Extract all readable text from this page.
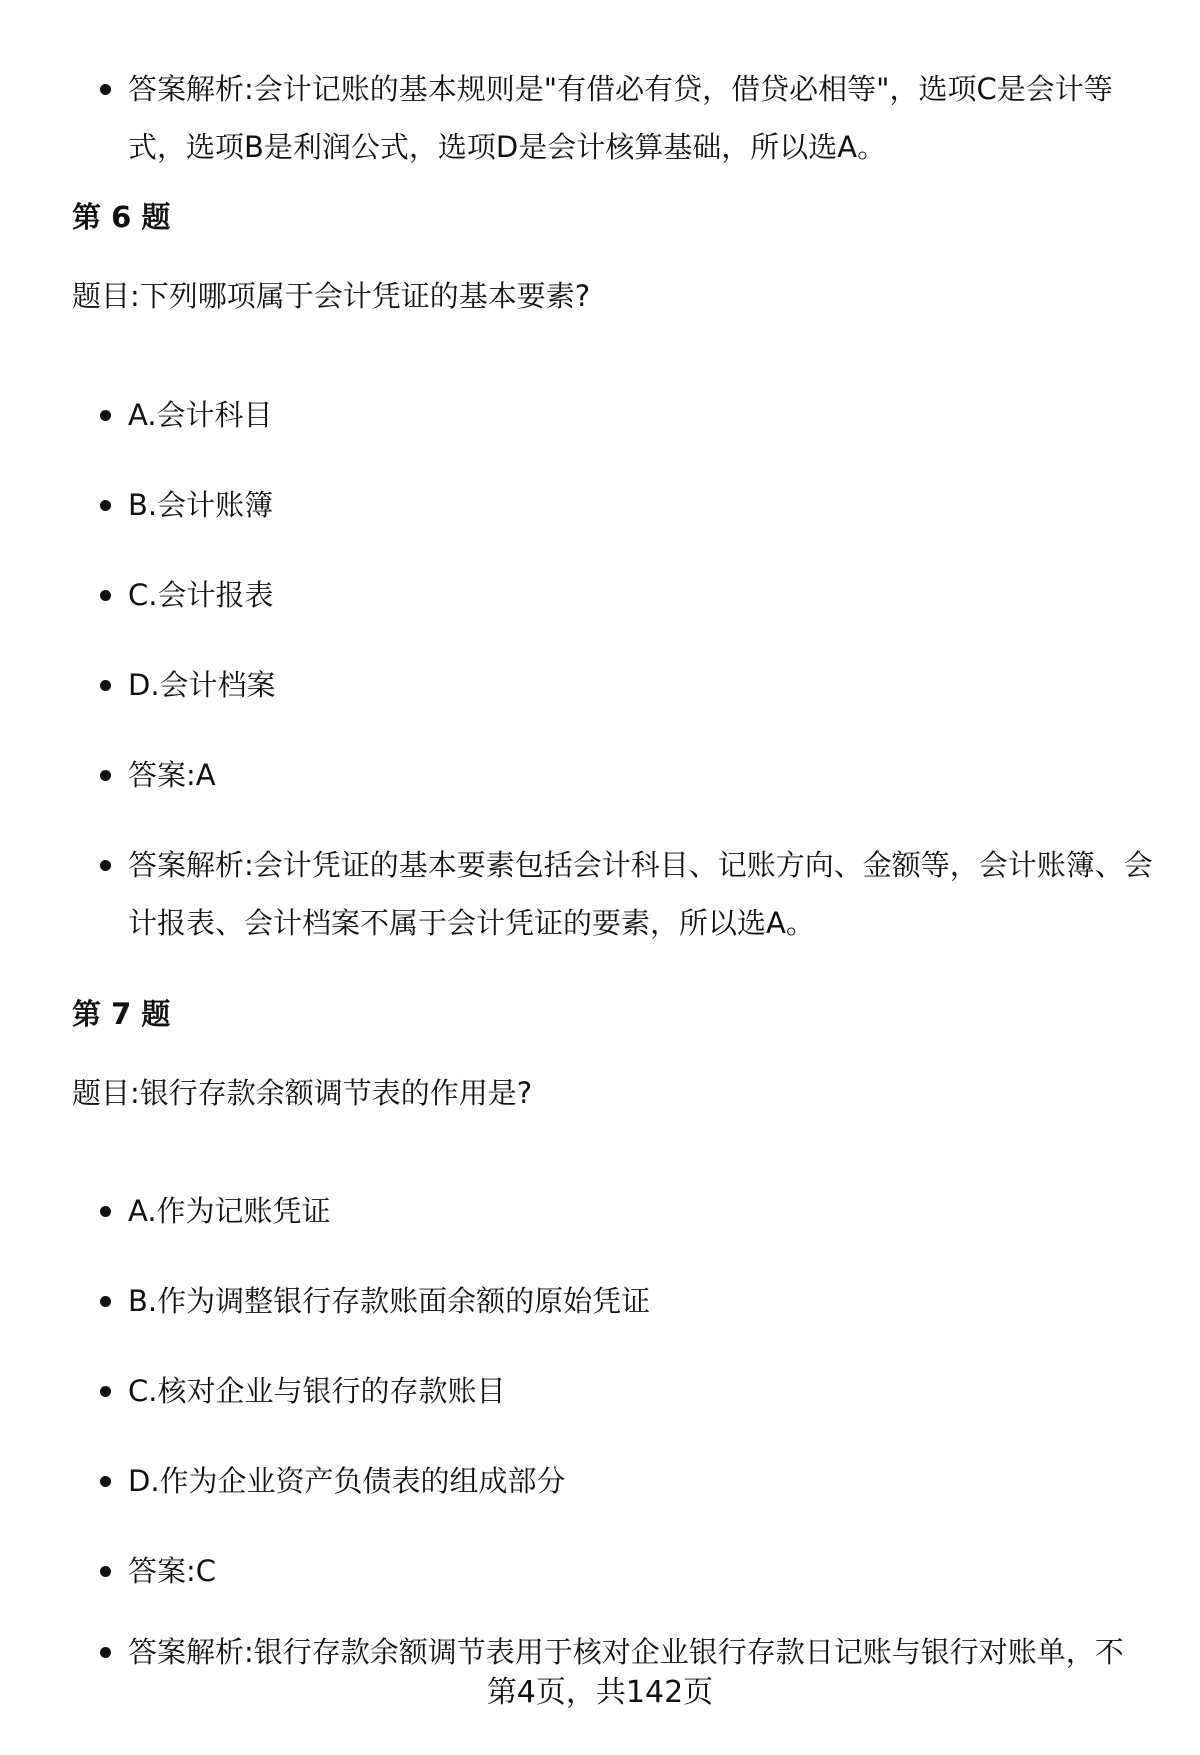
答案解析:会计记账的基本规则是"有借必有贷，借贷必相等"，选项C是会计等式，选项B是利润公式，选项D是会计核算基础，所以选A。
第 6 题
题目:下列哪项属于会计凭证的基本要素?
A.会计科目
B.会计账簿
C.会计报表
D.会计档案
答案:A
答案解析:会计凭证的基本要素包括会计科目、记账方向、金额等，会计账簿、会计报表、会计档案不属于会计凭证的要素，所以选A。
第 7 题
题目:银行存款余额调节表的作用是?
A.作为记账凭证
B.作为调整银行存款账面余额的原始凭证
C.核对企业与银行的存款账目
D.作为企业资产负债表的组成部分
答案:C
答案解析:银行存款余额调节表用于核对企业银行存款日记账与银行对账单，不
第4页，共142页
